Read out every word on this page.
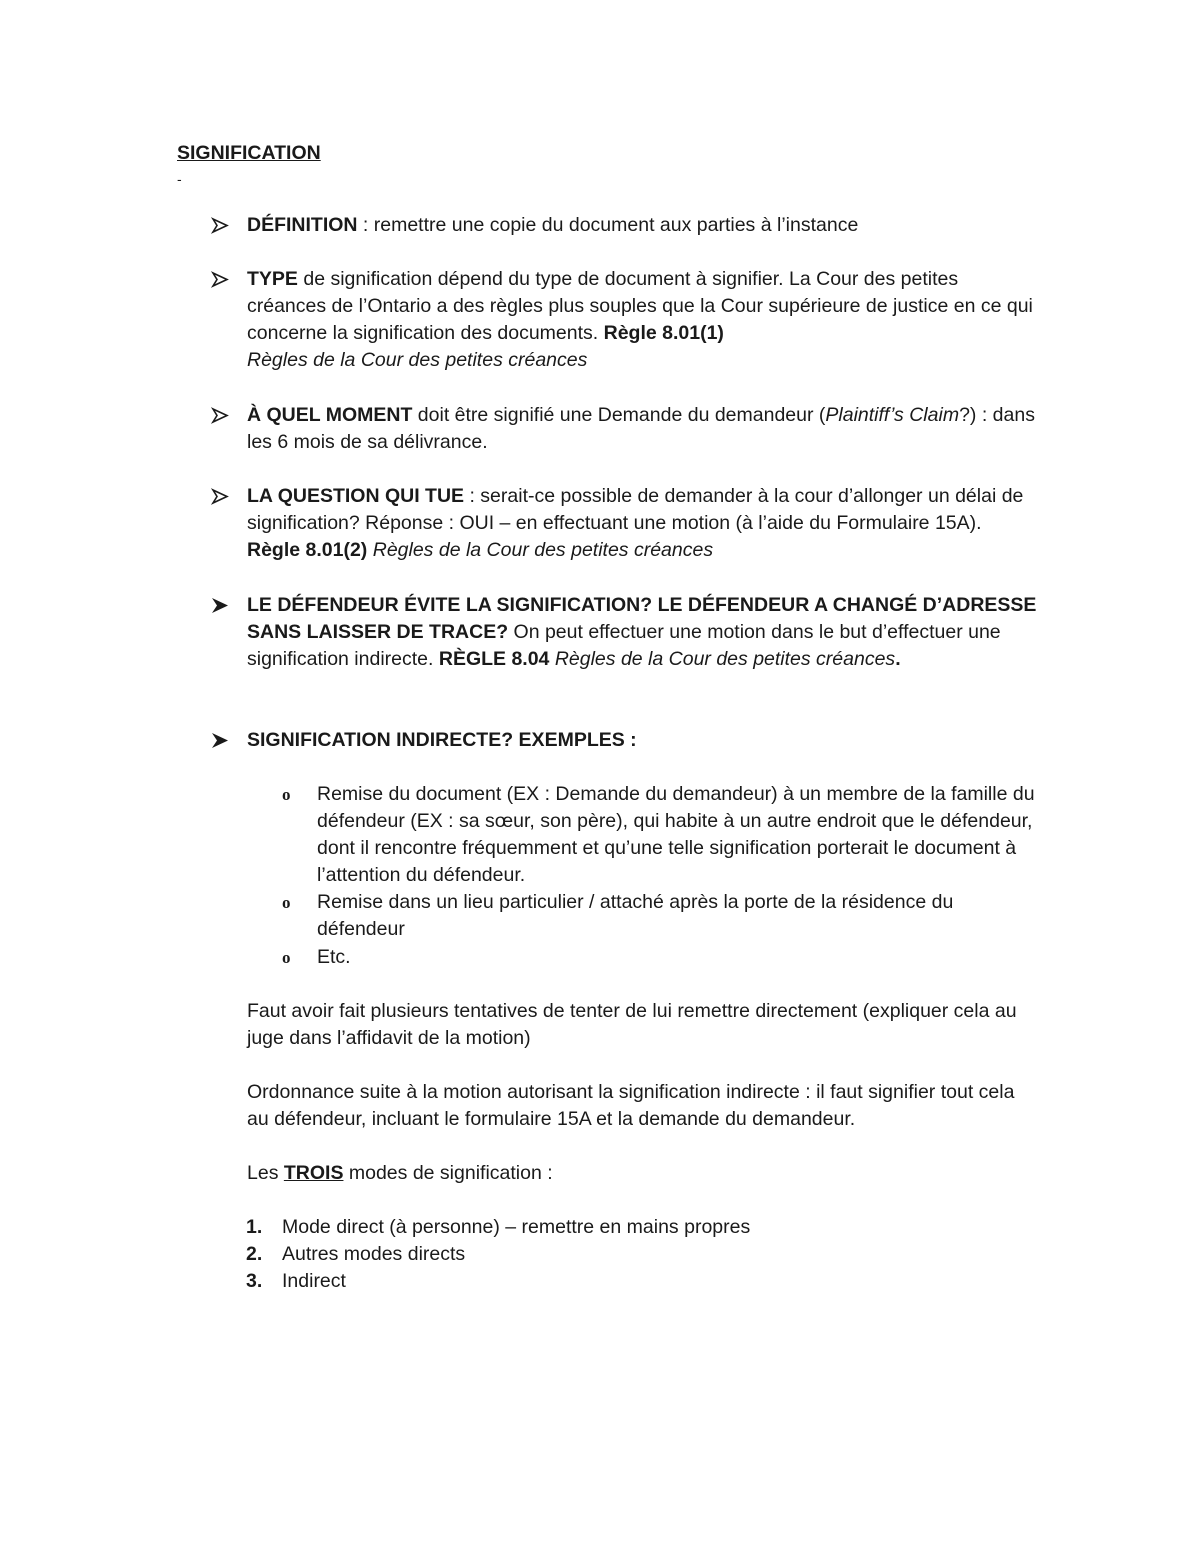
SIGNIFICATION
-

DÉFINITION : remettre une copie du document aux parties à l’instance

TYPE de signification dépend du type de document à signifier. La Cour des petites créances de l’Ontario a des règles plus souples que la Cour supérieure de justice en ce qui concerne la signification des documents. Règle 8.01(1)
Règles de la Cour des petites créances

À QUEL MOMENT doit être signifié une Demande du demandeur (Plaintiff’s Claim?) : dans les 6 mois de sa délivrance.

LA QUESTION QUI TUE : serait-ce possible de demander à la cour d’allonger un délai de signification? Réponse : OUI – en effectuant une motion (à l’aide du Formulaire 15A). Règle 8.01(2) Règles de la Cour des petites créances

LE DÉFENDEUR ÉVITE LA SIGNIFICATION? LE DÉFENDEUR A CHANGÉ D’ADRESSE SANS LAISSER DE TRACE? On peut effectuer une motion dans le but d’effectuer une signification indirecte. RÈGLE 8.04 Règles de la Cour des petites créances.

SIGNIFICATION INDIRECTE? EXEMPLES :

o Remise du document (EX : Demande du demandeur) à un membre de la famille du défendeur (EX : sa sœur, son père), qui habite à un autre endroit que le défendeur, dont il rencontre fréquemment et qu’une telle signification porterait le document à l’attention du défendeur.

o Remise dans un lieu particulier / attaché après la porte de la résidence du défendeur

o Etc.

Faut avoir fait plusieurs tentatives de tenter de lui remettre directement (expliquer cela au juge dans l’affidavit de la motion)

Ordonnance suite à la motion autorisant la signification indirecte : il faut signifier tout cela au défendeur, incluant le formulaire 15A et la demande du demandeur.

Les TROIS modes de signification :

1. Mode direct (à personne) – remettre en mains propres
2. Autres modes directs
3. Indirect
